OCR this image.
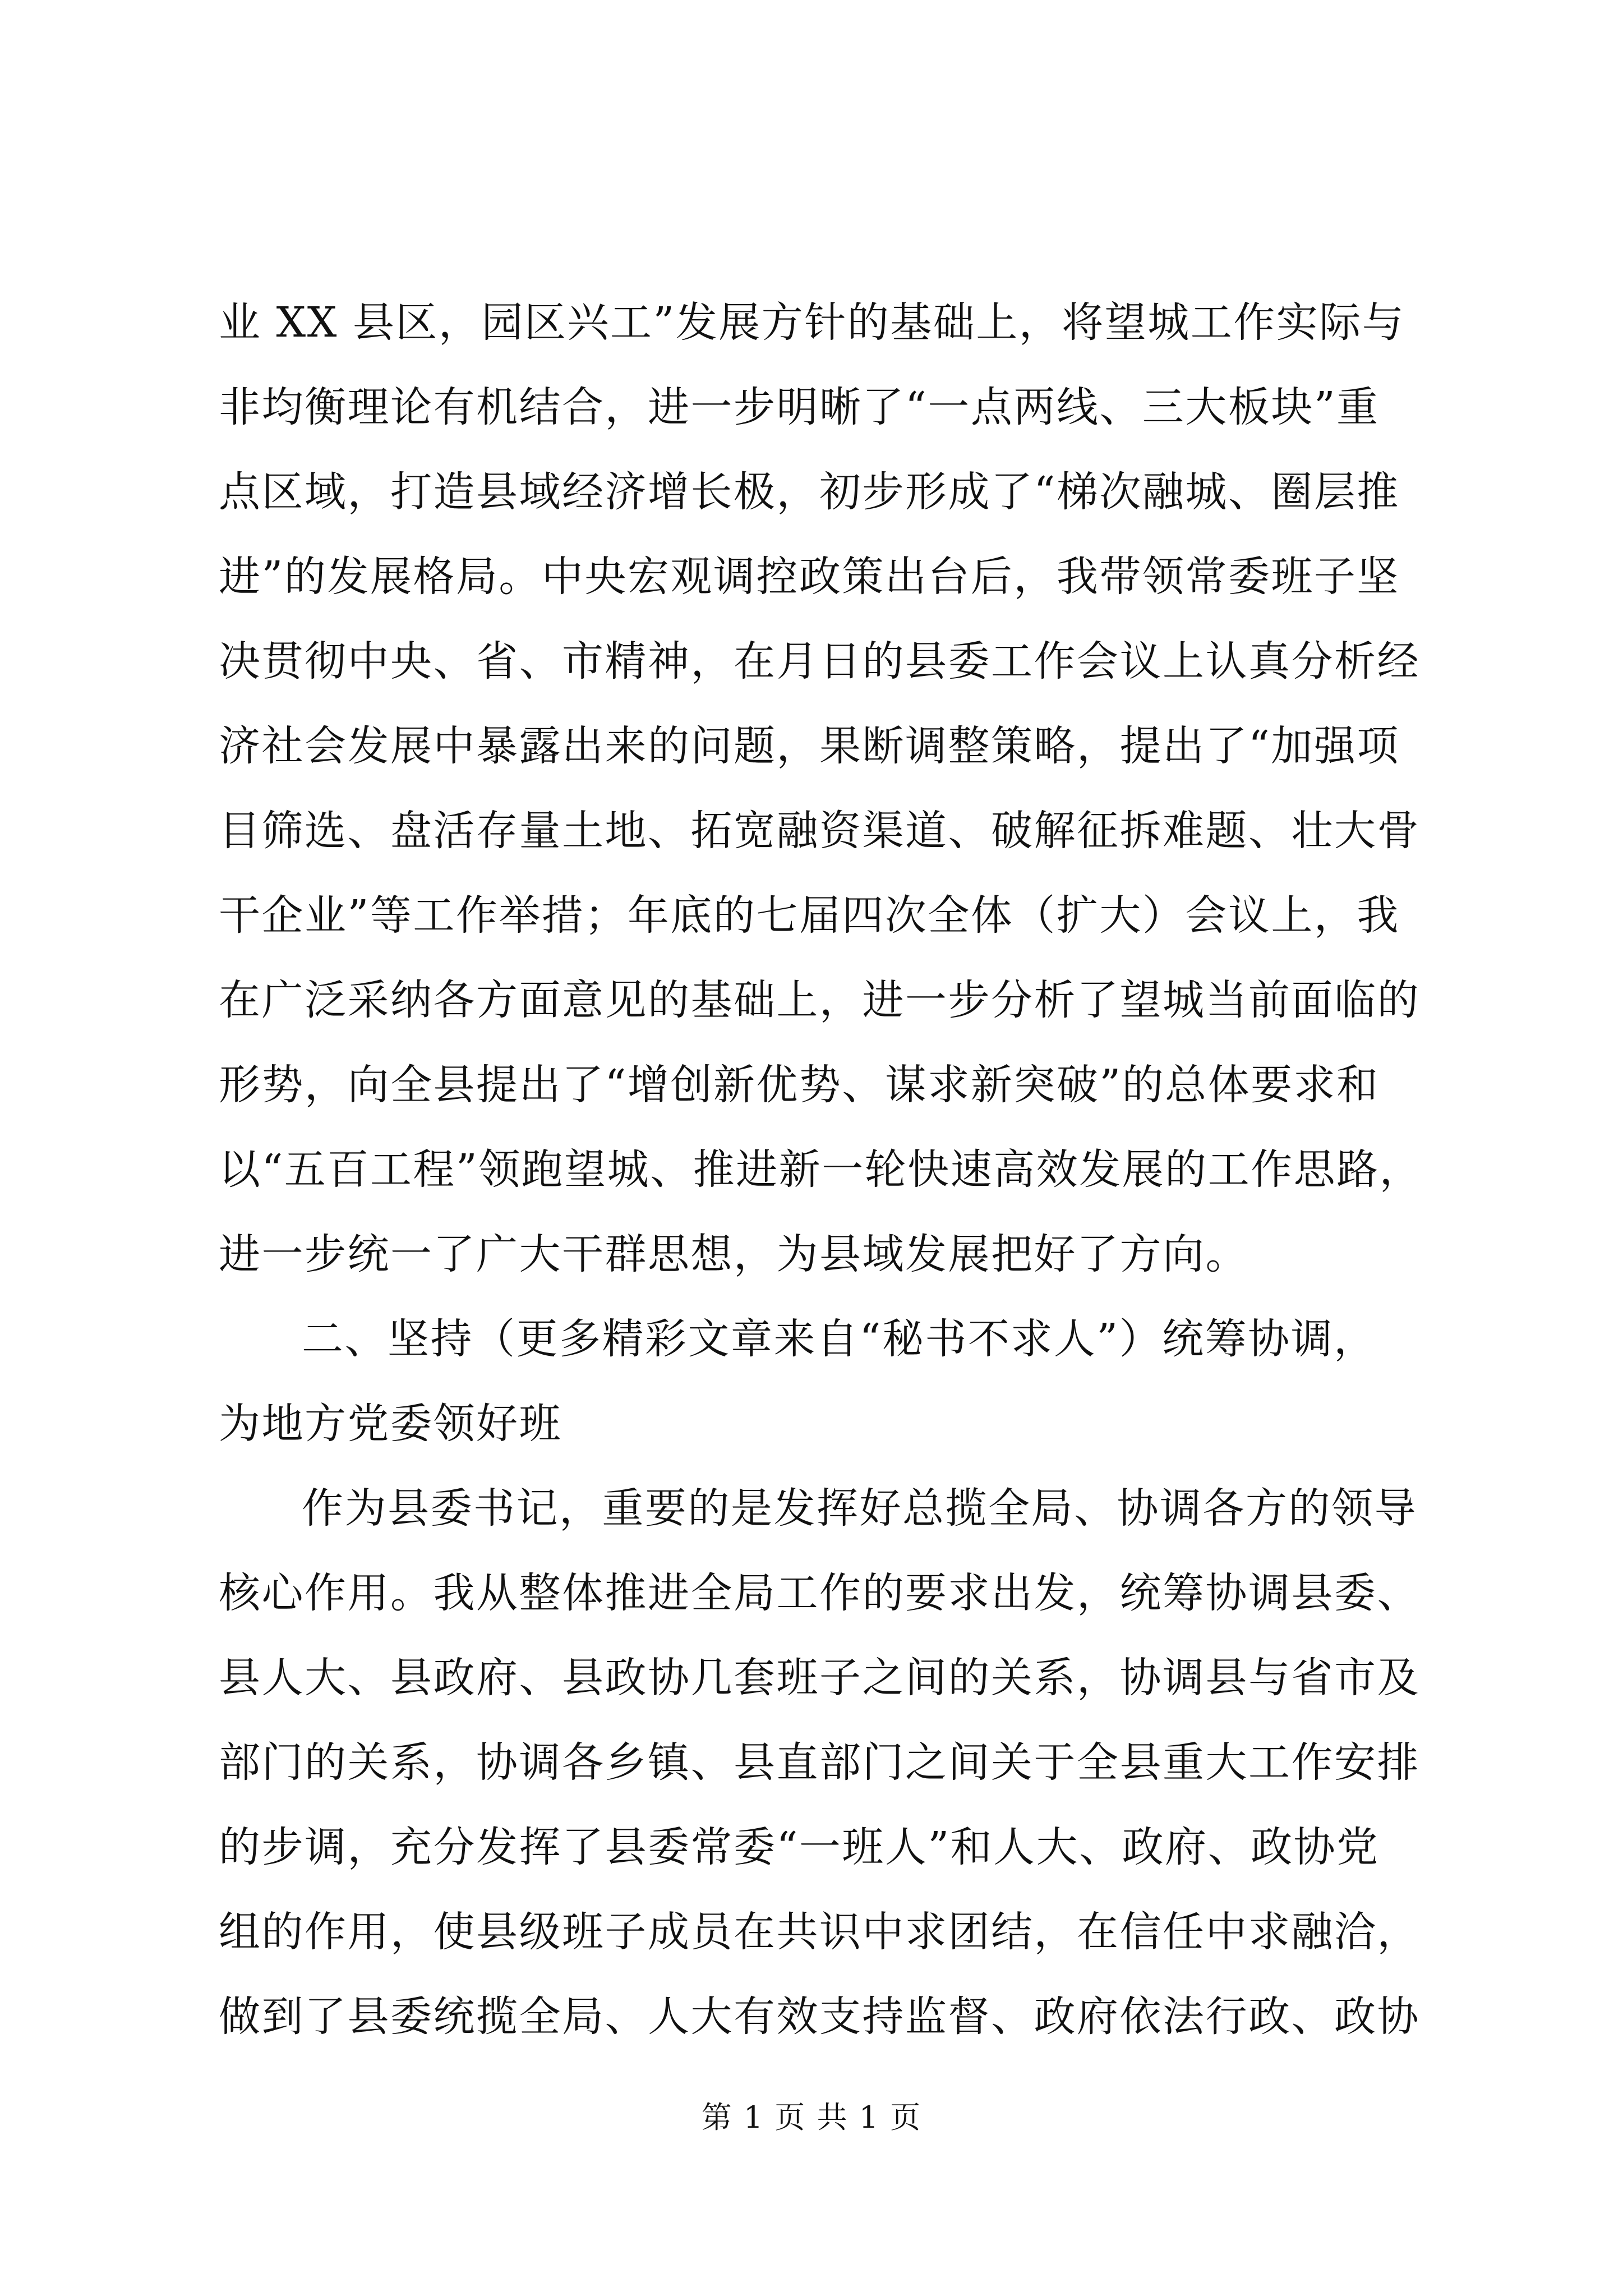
业 XX 县区，园区兴工”发展方针的基础上，将望城工作实际与
非均衡理论有机结合，进一步明晰了“一点两线、三大板块”重
点区域，打造县域经济增长极，初步形成了“梯次融城、圈层推
进”的发展格局。中央宏观调控政策出台后，我带领常委班子坚
决贯彻中央、省、市精神，在月日的县委工作会议上认真分析经
济社会发展中暴露出来的问题，果断调整策略，提出了“加强项
目筛选、盘活存量土地、拓宽融资渠道、破解征拆难题、壮大骨
干企业”等工作举措；年底的七届四次全体（扩大）会议上，我
在广泛采纳各方面意见的基础上，进一步分析了望城当前面临的
形势，向全县提出了“增创新优势、谋求新突破”的总体要求和
以“五百工程”领跑望城、推进新一轮快速高效发展的工作思路，
进一步统一了广大干群思想，为县域发展把好了方向。
二、坚持（更多精彩文章来自“秘书不求人”）统筹协调，
为地方党委领好班
作为县委书记，重要的是发挥好总揽全局、协调各方的领导
核心作用。我从整体推进全局工作的要求出发，统筹协调县委、
县人大、县政府、县政协几套班子之间的关系，协调县与省市及
部门的关系，协调各乡镇、县直部门之间关于全县重大工作安排
的步调，充分发挥了县委常委“一班人”和人大、政府、政协党
组的作用，使县级班子成员在共识中求团结，在信任中求融洽，
做到了县委统揽全局、人大有效支持监督、政府依法行政、政协
第 1 页 共 1 页
